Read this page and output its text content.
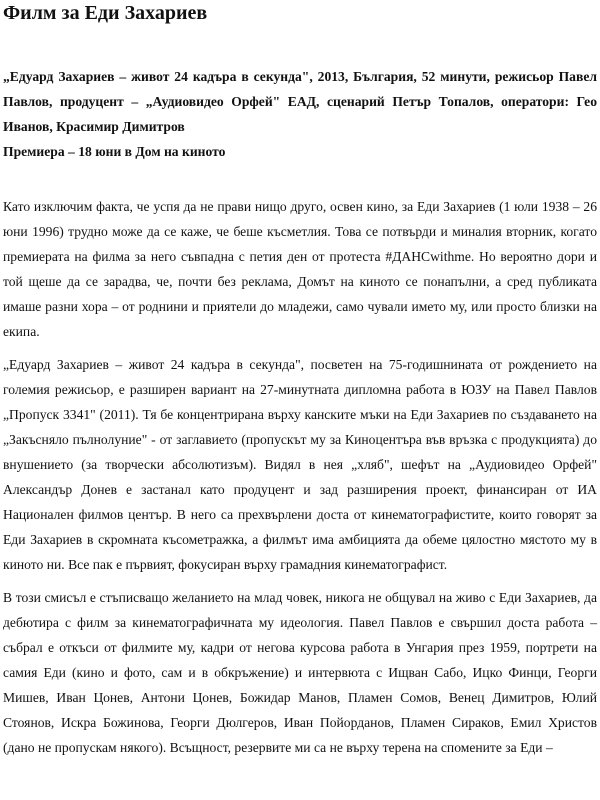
Филм за Еди Захариев

„Едуард Захариев – живот 24 кадъра в секунда", 2013, България, 52 минути, режисьор Павел Павлов, продуцент – „Аудиовидео Орфей" ЕАД, сценарий Петър Топалов, оператори: Гео Иванов, Красимир Димитров

Премиера – 18 юни в Дом на киното

Като изключим факта, че успя да не прави нищо друго, освен кино, за Еди Захариев (1 юли 1938 – 26 юни 1996) трудно може да се каже, че беше късметлия. Това се потвърди и миналия вторник, когато премиерата на филма за него съвпадна с петия ден от протеста #ДАНСwithme. Но вероятно дори и той щеше да се зарадва, че, почти без реклама, Домът на киното се понапълни, а сред публиката имаше разни хора – от роднини и приятели до младежи, само чували името му, или просто близки на екипа.

„Едуард Захариев – живот 24 кадъра в секунда", посветен на 75-годишнината от рождението на големия режисьор, е разширен вариант на 27-минутната дипломна работа в ЮЗУ на Павел Павлов „Пропуск 3341" (2011). Тя бе концентрирана върху канските мъки на Еди Захариев по създаването на „Закъсняло пълнолуние" - от заглавието (пропускът му за Киноцентъра във връзка с продукцията) до внушението (за творчески абсолютизъм). Видял в нея „хляб", шефът на „Аудиовидео Орфей" Александър Донев е застанал като продуцент и зад разширения проект, финансиран от ИА Национален филмов център. В него са прехвърлени доста от кинематографистите, които говорят за Еди Захариев в скромната късометражка, а филмът има амбицията да обеме цялостно мястото му в киното ни. Все пак е първият, фокусиран върху грамадния кинематографист.

В този смисъл е стъписващо желанието на млад човек, никога не общувал на живо с Еди Захариев, да дебютира с филм за кинематографичната му идеология. Павел Павлов е свършил доста работа – събрал е откъси от филмите му, кадри от негова курсова работа в Унгария през 1959, портрети на самия Еди (кино и фото, сам и в обкръжение) и интервюта с Ищван Сабо, Ицко Финци, Георги Мишев, Иван Цонев, Антони Цонев, Божидар Манов, Пламен Сомов, Венец Димитров, Юлий Стоянов, Искра Божинова, Георги Дюлгеров, Иван Пойорданов, Пламен Сираков, Емил Христов (дано не пропускам някого). Всъщност, резервите ми са не върху терена на спомените за Еди –
